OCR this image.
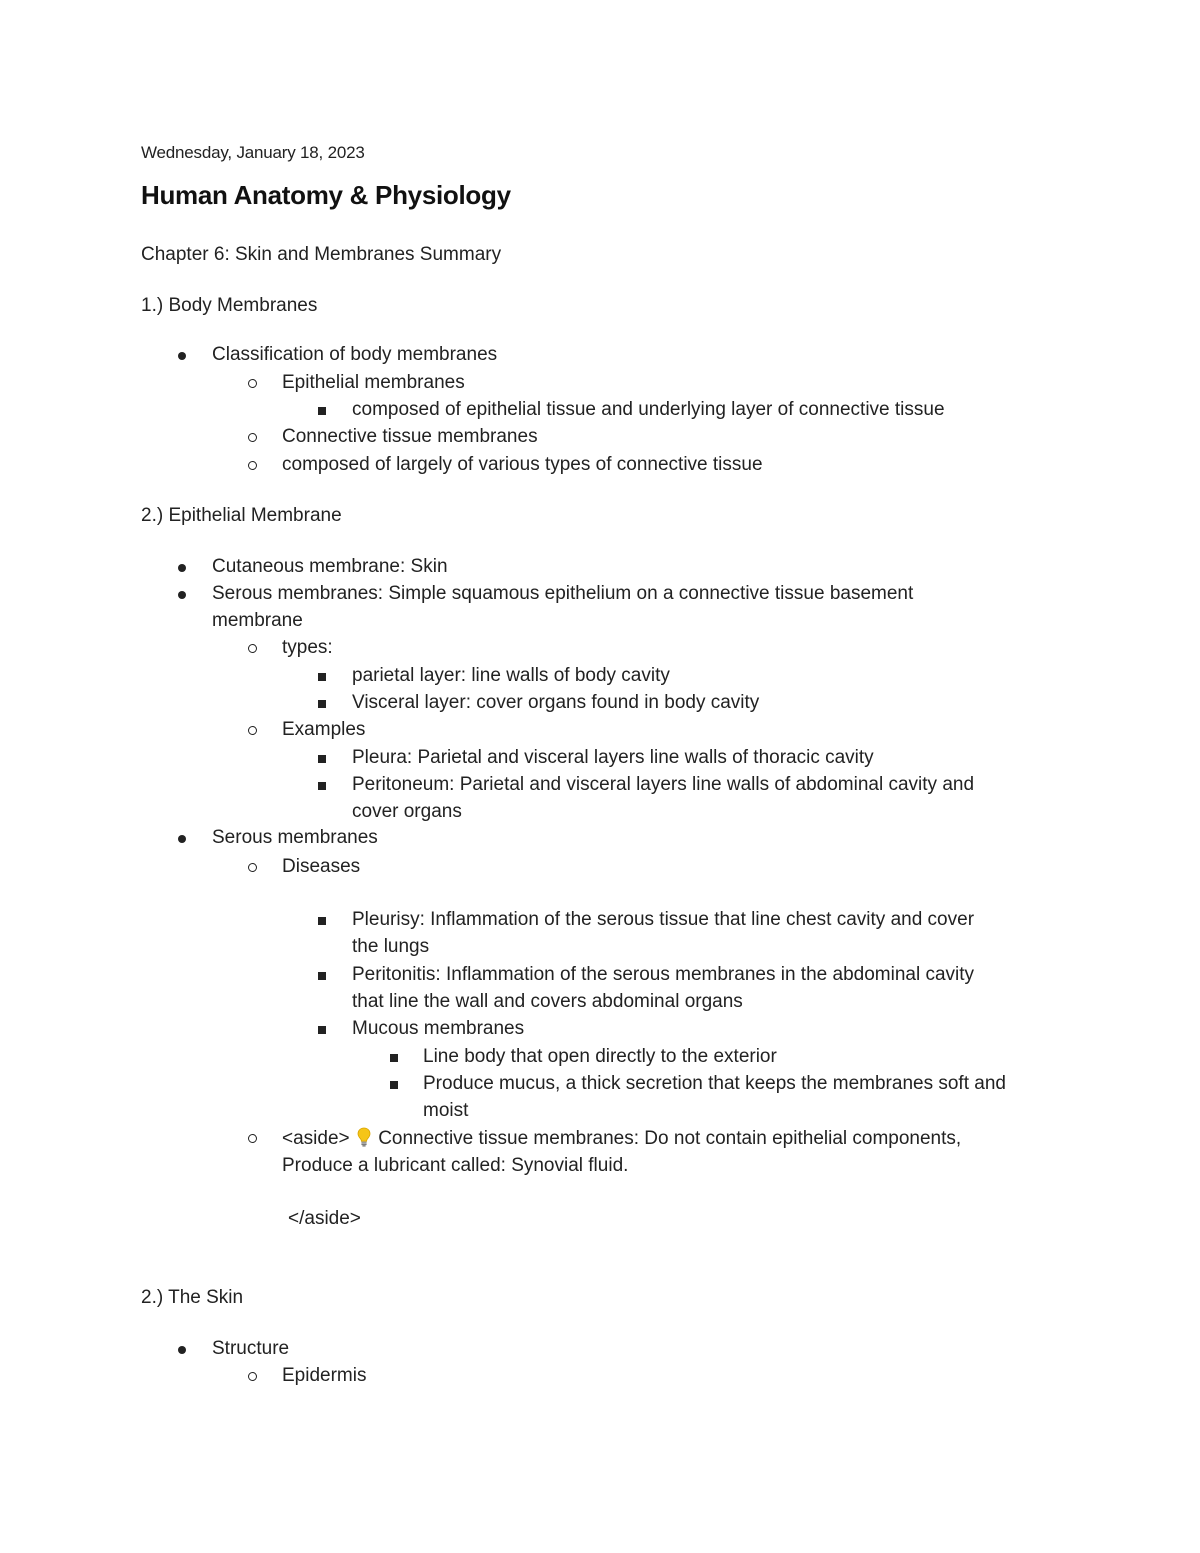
Wednesday, January 18, 2023
Human Anatomy & Physiology
Chapter 6: Skin and Membranes Summary
1.) Body Membranes
Classification of body membranes
Epithelial membranes
composed of epithelial tissue and underlying layer of connective tissue
Connective tissue membranes
composed of largely of various types of connective tissue
2.) Epithelial Membrane
Cutaneous membrane: Skin
Serous membranes: Simple squamous epithelium on a connective tissue basement
membrane
types:
parietal layer: line walls of body cavity
Visceral layer: cover organs found in body cavity
Examples
Pleura: Parietal and visceral layers line walls of thoracic cavity
Peritoneum: Parietal and visceral layers line walls of abdominal cavity and
cover organs
Serous membranes
Diseases
Pleurisy: Inflammation of the serous tissue that line chest cavity and cover
the lungs
Peritonitis: Inflammation of the serous membranes in the abdominal cavity
that line the wall and covers abdominal organs
Mucous membranes
Line body that open directly to the exterior
Produce mucus, a thick secretion that keeps the membranes soft and
moist
<aside> Connective tissue membranes: Do not contain epithelial components,
Produce a lubricant called: Synovial fluid.
</aside>
2.) The Skin
Structure
Epidermis
